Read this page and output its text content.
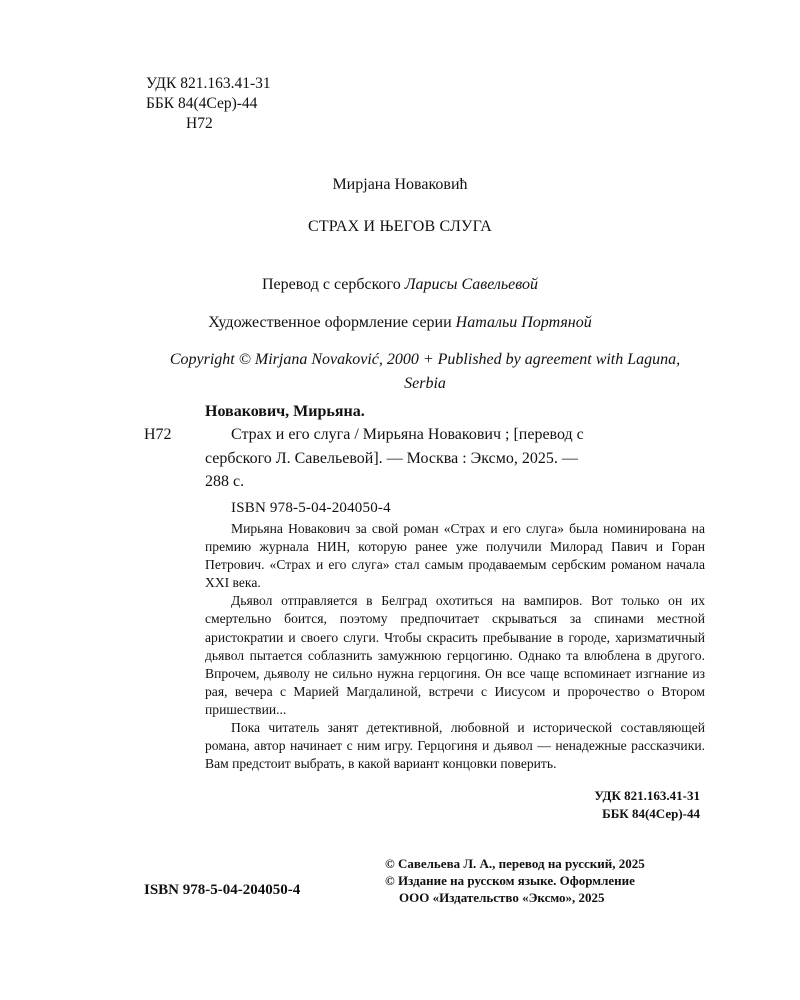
УДК 821.163.41-31
ББК 84(4Сер)-44
Н72
Мирјана Новаковић
СТРАХ И ЊЕГОВ СЛУГА
Перевод с сербского Ларисы Савельевой
Художественное оформление серии Натальи Портяной
Copyright © Mirjana Novaković, 2000 + Published by agreement with Laguna, Serbia
Новакович, Мирьяна.
Н72	Страх и его слуга / Мирьяна Новакович ; [перевод с
сербского Л. Савельевой]. — Москва : Эксмо, 2025. —
288 с.
ISBN 978-5-04-204050-4

Мирьяна Новакович за свой роман «Страх и его слуга» была номинирована на премию журнала НИН, которую ранее уже получили Милорад Павич и Горан Петрович. «Страх и его слуга» стал самым продаваемым сербским романом начала XXI века.

Дьявол отправляется в Белград охотиться на вампиров. Вот только он их смертельно боится, поэтому предпочитает скрываться за спинами местной аристократии и своего слуги. Чтобы скрасить пребывание в городе, харизматичный дьявол пытается соблазнить замужнюю герцогиню. Однако та влюблена в другого. Впрочем, дьяволу не сильно нужна герцогиня. Он все чаще вспоминает изгнание из рая, вечера с Марией Магдалиной, встречи с Иисусом и пророчество о Втором пришествии...

Пока читатель занят детективной, любовной и исторической составляющей романа, автор начинает с ним игру. Герцогиня и дьявол — ненадежные рассказчики. Вам предстоит выбрать, в какой вариант концовки поверить.

УДК 821.163.41-31
ББК 84(4Сер)-44
ISBN 978-5-04-204050-4
© Савельева Л. А., перевод на русский, 2025
© Издание на русском языке. Оформление
ООО «Издательство «Эксмо», 2025
